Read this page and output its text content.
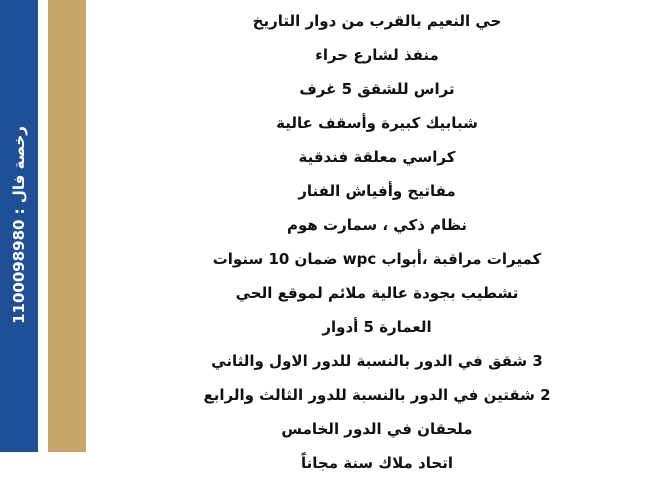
رخصة فال : 1100098980
الترخيص الإعلاني :7100124574
حي النعيم بالقرب من دوار التاريخ
منفذ لشارع حراء
تراس للشقق 5 غرف
شبابيك كبيرة وأسقف عالية
كراسي معلقة فندقية
مفاتيح وأفياش الفنار
نظام ذكي ، سمارت هوم
كميرات مراقبة ،أبواب wpc ضمان 10 سنوات
تشطيب بجودة عالية ملائم لموقع الحي
العمارة 5 أدوار
3 شقق في الدور بالنسبة للدور الاول والثاني
2 شقتين في الدور بالنسبة للدور الثالث والرابع
ملحقان في الدور الخامس
اتحاد ملاك سنة مجاناً
